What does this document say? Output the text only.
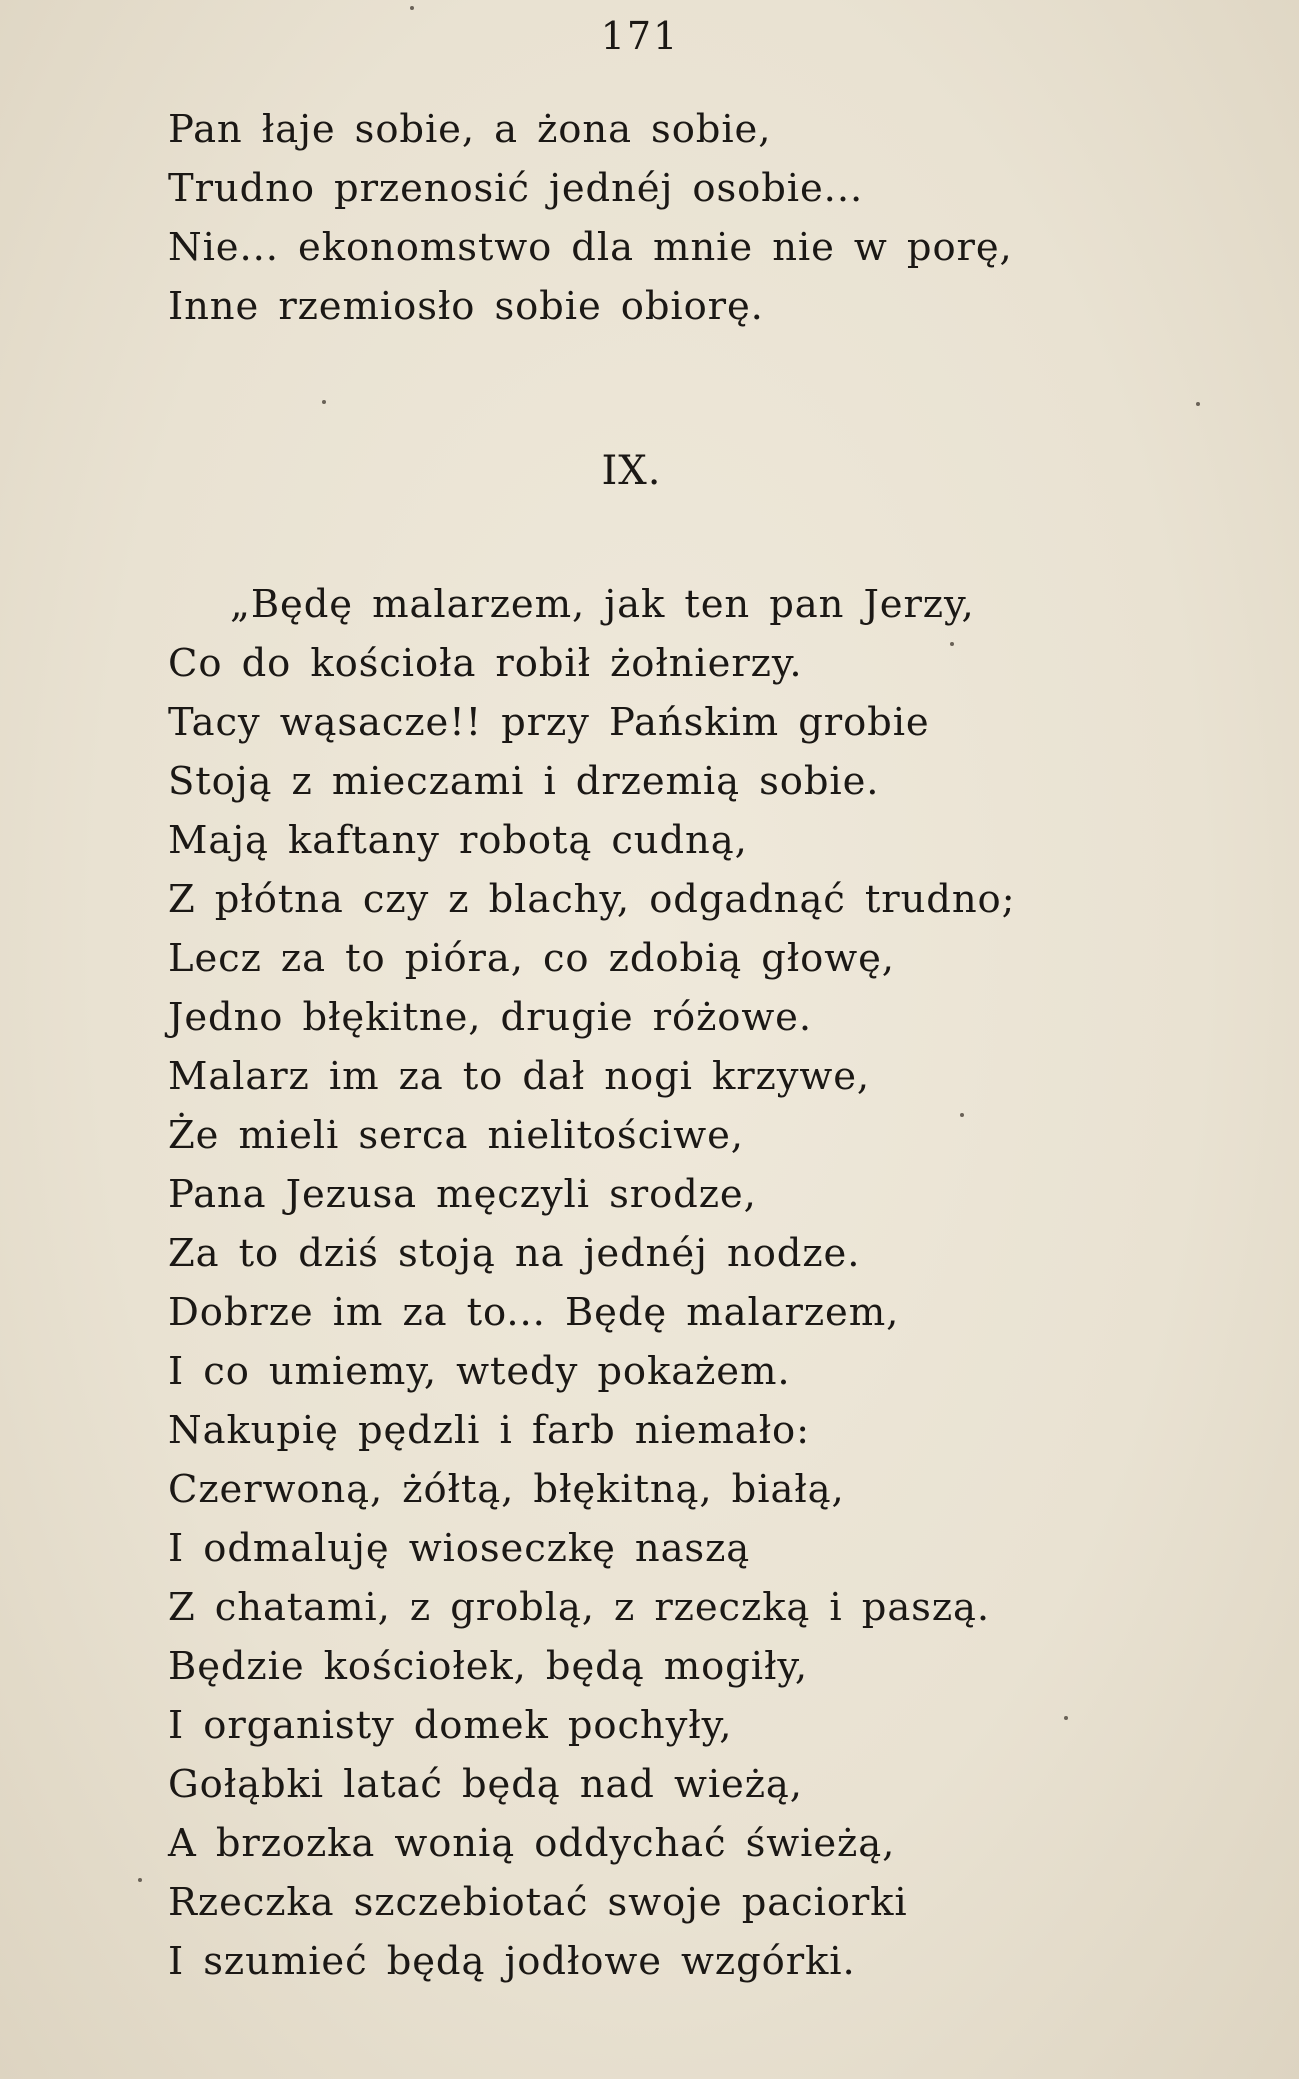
171
Pan łaje sobie, a żona sobie,
Trudno przenosić jednéj osobie...
Nie... ekonomstwo dla mnie nie w porę,
Inne rzemiosło sobie obiorę.
IX.
„Będę malarzem, jak ten pan Jerzy,
Co do kościoła robił żołnierzy.
Tacy wąsacze!! przy Pańskim grobie
Stoją z mieczami i drzemią sobie.
Mają kaftany robotą cudną,
Z płótna czy z blachy, odgadnąć trudno;
Lecz za to pióra, co zdobią głowę,
Jedno błękitne, drugie różowe.
Malarz im za to dał nogi krzywe,
Że mieli serca nielitościwe,
Pana Jezusa męczyli srodze,
Za to dziś stoją na jednéj nodze.
Dobrze im za to... Będę malarzem,
I co umiemy, wtedy pokażem.
Nakupię pędzli i farb niemało:
Czerwoną, żółtą, błękitną, białą,
I odmaluję wioseczkę naszą
Z chatami, z groblą, z rzeczką i paszą.
Będzie kościołek, będą mogiły,
I organisty domek pochyły,
Gołąbki latać będą nad wieżą,
A brzozka wonią oddychać świeżą,
Rzeczka szczebiotać swoje paciorki
I szumieć będą jodłowe wzgórki.
